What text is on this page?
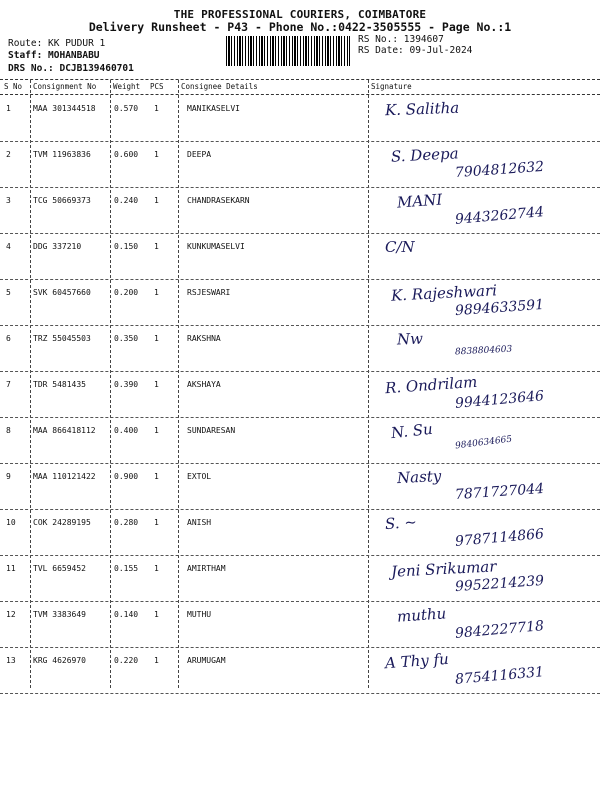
THE PROFESSIONAL COURIERS, COIMBATORE
Delivery Runsheet - P43 - Phone No.:0422-3505555 - Page No.:1
Route: KK PUDUR 1
Staff: MOHANBABU
DRS No.: DCJB139460701
RS No.: 1394607
RS Date: 09-Jul-2024
S No Consignment No Weight PCS Consignee Details	Signature
1	MAA 301344518 0.570 1	MANIKASELVI	K. Salitha
2	TVM 11963836	0.600 1	DEEPA	S. Deepa
7904812632
3	TCG 50669373	0.240 1	CHANDRASEKARN	MANI
9443262744
4	DDG 337210	0.150 1	KUNKUMASELVI	C/N
5	SVK 60457660	0.200 1	RSJESWARI	K. Rajeshwari
9894633591
6	TRZ 55045503	0.350 1	RAKSHNA	Nw
8838804603
7	TDR 5481435	0.390 1	AKSHAYA	R. Ondrilam
9944123646
8	MAA 866418112 0.400 1	SUNDARESAN	N. Su
9840634665
9	MAA 110121422 0.900 1	EXTOL	Nasty
7871727044
10 COK 24289195	0.280 1	ANISH	S. ~
9787114866
11 TVL 6659452	0.155 1	AMIRTHAM	Jeni Srikumar
9952214239
12 TVM 3383649	0.140 1	MUTHU	muthu
9842227718
13 KRG 4626970	0.220 1	ARUMUGAM	A Thy fu
8754116331
